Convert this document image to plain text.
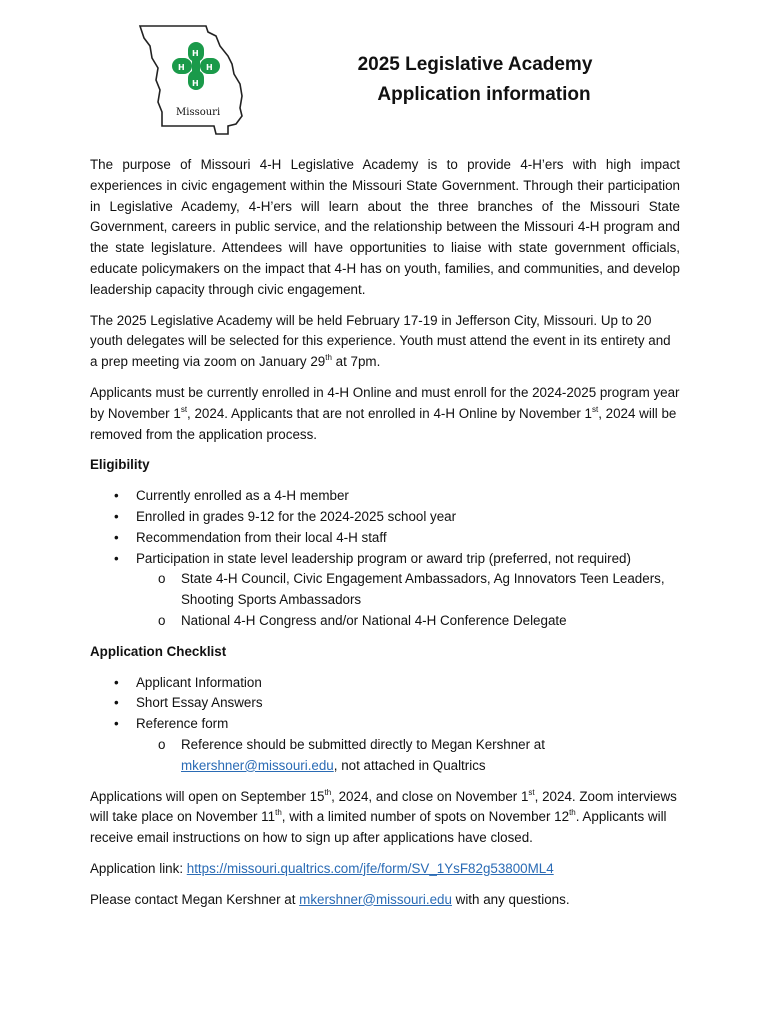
H
H
H	H
Missouri
2025 Legislative Academy
Application information

The purpose of Missouri 4-H Legislative Academy is to provide 4-H’ers with high impact experiences in civic engagement within the Missouri State Government. Through their participation in Legislative Academy, 4-H’ers will learn about the three branches of the Missouri State Government, careers in public service, and the relationship between the Missouri 4-H program and the state legislature. Attendees will have opportunities to liaise with state government officials, educate policymakers on the impact that 4-H has on youth, families, and communities, and develop leadership capacity through civic engagement.

The 2025 Legislative Academy will be held February 17-19 in Jefferson City, Missouri. Up to 20 youth delegates will be selected for this experience. Youth must attend the event in its entirety and a prep meeting via zoom on January 29th at 7pm.

Applicants must be currently enrolled in 4-H Online and must enroll for the 2024-2025 program year by November 1st, 2024. Applicants that are not enrolled in 4-H Online by November 1st, 2024 will be removed from the application process.

Eligibility
• Currently enrolled as a 4-H member
• Enrolled in grades 9-12 for the 2024-2025 school year
• Recommendation from their local 4-H staff
• Participation in state level leadership program or award trip (preferred, not required)
o State 4-H Council, Civic Engagement Ambassadors, Ag Innovators Teen Leaders, Shooting Sports Ambassadors
o National 4-H Congress and/or National 4-H Conference Delegate
Application Checklist
• Applicant Information
• Short Essay Answers
• Reference form
o Reference should be submitted directly to Megan Kershner at mkershner@missouri.edu, not attached in Qualtrics

Applications will open on September 15th, 2024, and close on November 1st, 2024. Zoom interviews will take place on November 11th, with a limited number of spots on November 12th. Applicants will receive email instructions on how to sign up after applications have closed.

Application link: https://missouri.qualtrics.com/jfe/form/SV_1YsF82g53800ML4

Please contact Megan Kershner at mkershner@missouri.edu with any questions.
